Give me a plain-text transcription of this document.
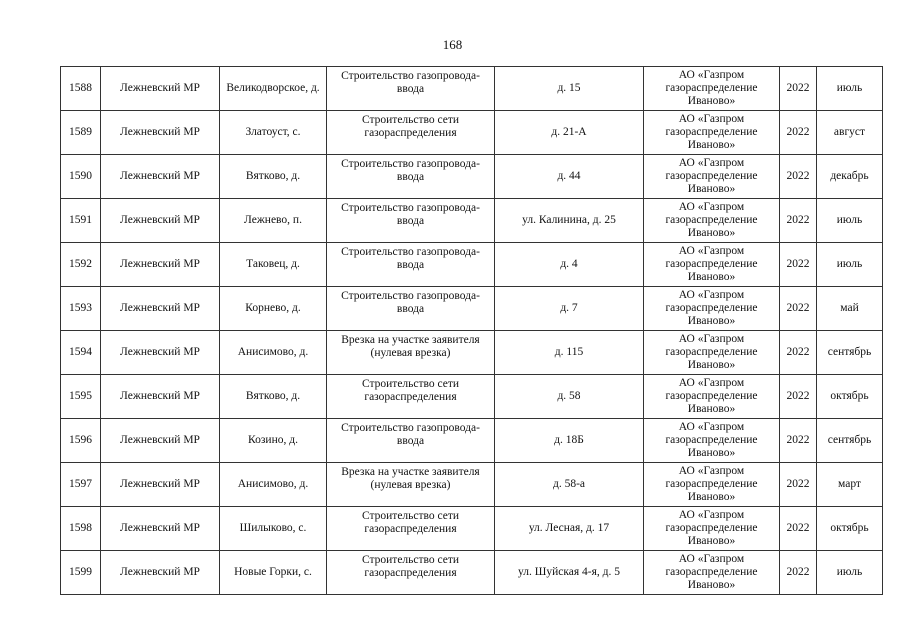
168
1588	Лежневский МР	Великодворское, д.	Строительство газопровода-ввода	д. 15	АО «Газпром газораспределение Иваново»	2022	июль
1589	Лежневский МР	Златоуст, с.	Строительство сети газораспределения	д. 21-А	АО «Газпром газораспределение Иваново»	2022	август
1590	Лежневский МР	Вятково, д.	Строительство газопровода-ввода	д. 44	АО «Газпром газораспределение Иваново»	2022	декабрь
1591	Лежневский МР	Лежнево, п.	Строительство газопровода-ввода	ул. Калинина, д. 25	АО «Газпром газораспределение Иваново»	2022	июль
1592	Лежневский МР	Таковец, д.	Строительство газопровода-ввода	д. 4	АО «Газпром газораспределение Иваново»	2022	июль
1593	Лежневский МР	Корнево, д.	Строительство газопровода-ввода	д. 7	АО «Газпром газораспределение Иваново»	2022	май
1594	Лежневский МР	Анисимово, д.	Врезка на участке заявителя (нулевая врезка)	д. 115	АО «Газпром газораспределение Иваново»	2022	сентябрь
1595	Лежневский МР	Вятково, д.	Строительство сети газораспределения	д. 58	АО «Газпром газораспределение Иваново»	2022	октябрь
1596	Лежневский МР	Козино, д.	Строительство газопровода-ввода	д. 18Б	АО «Газпром газораспределение Иваново»	2022	сентябрь
1597	Лежневский МР	Анисимово, д.	Врезка на участке заявителя (нулевая врезка)	д. 58-а	АО «Газпром газораспределение Иваново»	2022	март
1598	Лежневский МР	Шилыково, с.	Строительство сети газораспределения	ул. Лесная, д. 17	АО «Газпром газораспределение Иваново»	2022	октябрь
1599	Лежневский МР	Новые Горки, с.	Строительство сети газораспределения	ул. Шуйская 4-я, д. 5	АО «Газпром газораспределение Иваново»	2022	июль
